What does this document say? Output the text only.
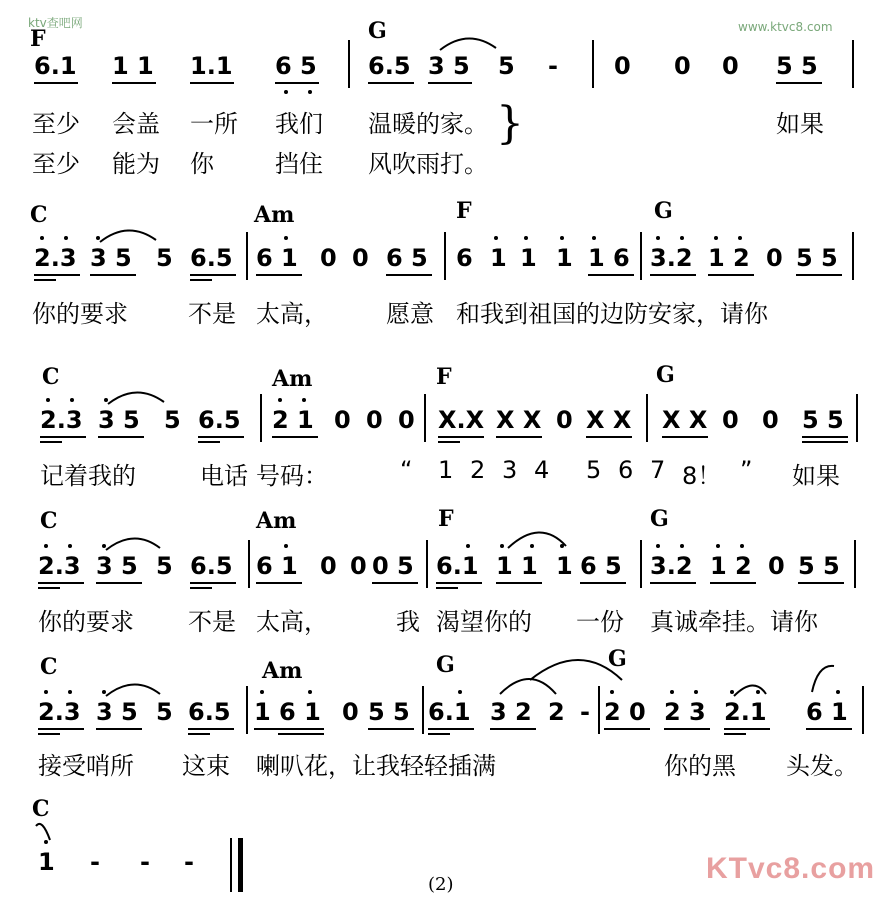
ktv查吧网	www.ktvc8.com
F	G
6.1 1 1 1.1 6 5 6.5 3 5 5 - 0 0 0 5 5
至少 会盖 一所 我们 温暖的家。	如果
}
至少 能为 你	挡住 风吹雨打。
C	Am	F	G
2.3 3 5 5 6.5 6 1 0 0 6 5 6 1 1 1 1 6 3.2 1 2 0 5 5
你的要求	不是 太高， 愿意 和我到祖国的边防安家，请你
C	Am	F	G
2.3 3 5 5 6.5 2 1 0 0 0 X.X X X 0 X X X X 0 0 5 5
记着我的	电话 号码：	“ 1 2 3 4 5 6 7 8！ ” 如果
C	Am	F	G
2.3 3 5 5 6.5 6 1 0 0 0 5 6.1 1 1 1 6 5 3.2 1 2 0 5 5
你的要求 不是 太高，	我 渴望你的 一份 真诚牵挂。请你
C	Am	G	G
2.3 3 5 5 6.5 1 6 1 0 5 5 6.1 3 2 2 - 2 0 2 3 2.1 6 1
接受哨所 这束 喇叭花，让我轻轻插满	你的黑 头发。
C
1 - - -
(2)	KTvc8.com
